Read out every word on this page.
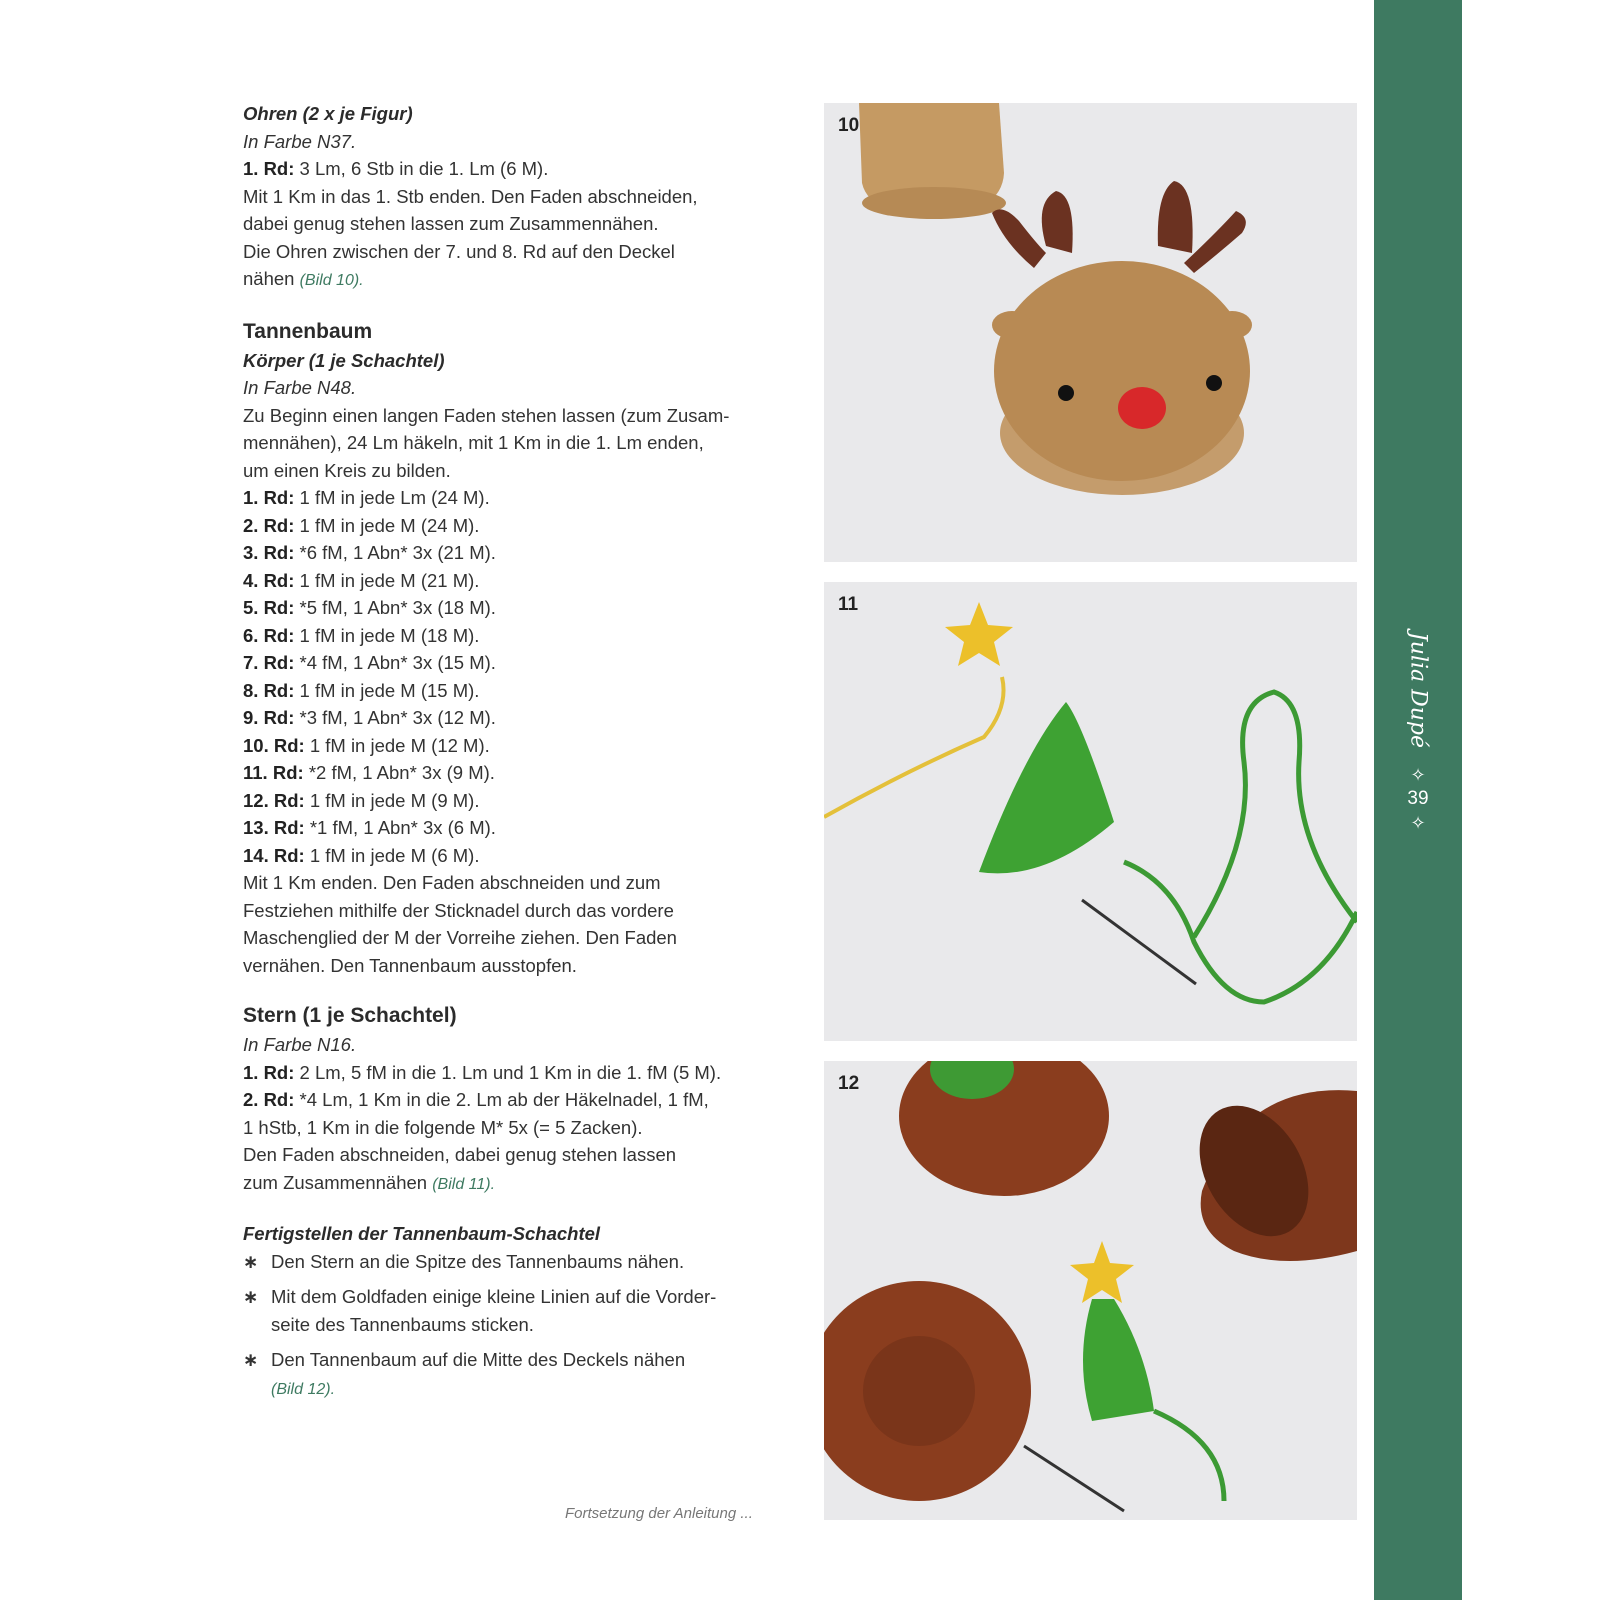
Ohren (2 x je Figur)
In Farbe N37.
1. Rd: 3 Lm, 6 Stb in die 1. Lm (6 M).
Mit 1 Km in das 1. Stb enden. Den Faden abschneiden,
dabei genug stehen lassen zum Zusammennähen.
Die Ohren zwischen der 7. und 8. Rd auf den Deckel
nähen (Bild 10).
Tannenbaum
Körper (1 je Schachtel)
In Farbe N48.
Zu Beginn einen langen Faden stehen lassen (zum Zusam-
mennähen), 24 Lm häkeln, mit 1 Km in die 1. Lm enden,
um einen Kreis zu bilden.
1. Rd: 1 fM in jede Lm (24 M).
2. Rd: 1 fM in jede M (24 M).
3. Rd: *6 fM, 1 Abn* 3x (21 M).
4. Rd: 1 fM in jede M (21 M).
5. Rd: *5 fM, 1 Abn* 3x (18 M).
6. Rd: 1 fM in jede M (18 M).
7. Rd: *4 fM, 1 Abn* 3x (15 M).
8. Rd: 1 fM in jede M (15 M).
9. Rd: *3 fM, 1 Abn* 3x (12 M).
10. Rd: 1 fM in jede M (12 M).
11. Rd: *2 fM, 1 Abn* 3x (9 M).
12. Rd: 1 fM in jede M (9 M).
13. Rd: *1 fM, 1 Abn* 3x (6 M).
14. Rd: 1 fM in jede M (6 M).
Mit 1 Km enden. Den Faden abschneiden und zum
Festziehen mithilfe der Sticknadel durch das vordere
Maschenglied der M der Vorreihe ziehen. Den Faden
vernähen. Den Tannenbaum ausstopfen.
Stern (1 je Schachtel)
In Farbe N16.
1. Rd: 2 Lm, 5 fM in die 1. Lm und 1 Km in die 1. fM (5 M).
2. Rd: *4 Lm, 1 Km in die 2. Lm ab der Häkelnadel, 1 fM,
1 hStb, 1 Km in die folgende M* 5x (= 5 Zacken).
Den Faden abschneiden, dabei genug stehen lassen
zum Zusammennähen (Bild 11).
Fertigstellen der Tannenbaum-Schachtel
∗ Den Stern an die Spitze des Tannenbaums nähen.
∗ Mit dem Goldfaden einige kleine Linien auf die Vorder-
seite des Tannenbaums sticken.
∗ Den Tannenbaum auf die Mitte des Deckels nähen
(Bild 12).
Fortsetzung der Anleitung ...
10
11
12
Julia Dupé
✧
39
✧
